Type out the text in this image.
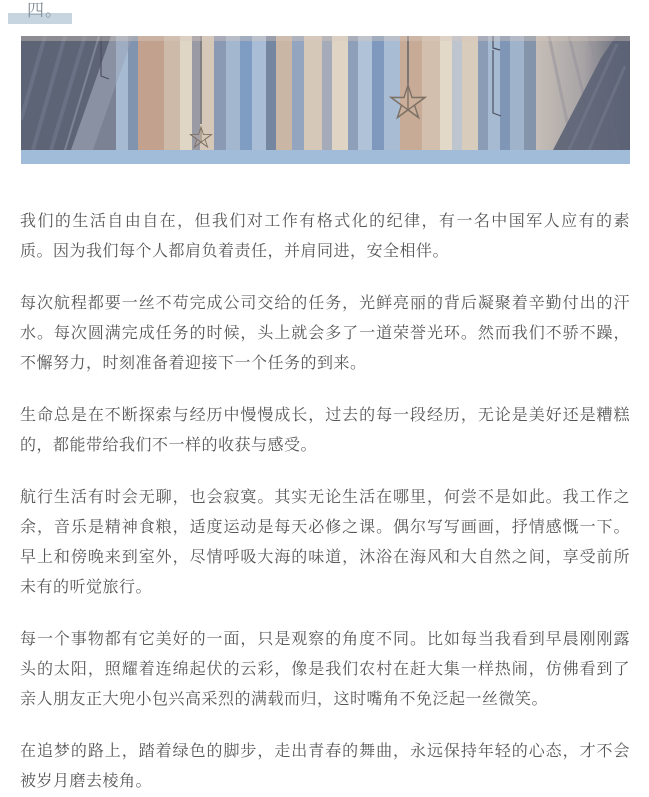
四。

我们的生活自由自在，但我们对工作有格式化的纪律，有一名中国军人应有的素质。因为我们每个人都肩负着责任，并肩同进，安全相伴。

每次航程都要一丝不苟完成公司交给的任务，光鲜亮丽的背后凝聚着辛勤付出的汗水。每次圆满完成任务的时候，头上就会多了一道荣誉光环。然而我们不骄不躁，不懈努力，时刻准备着迎接下一个任务的到来。

生命总是在不断探索与经历中慢慢成长，过去的每一段经历，无论是美好还是糟糕的，都能带给我们不一样的收获与感受。

航行生活有时会无聊，也会寂寞。其实无论生活在哪里，何尝不是如此。我工作之余，音乐是精神食粮，适度运动是每天必修之课。偶尔写写画画，抒情感慨一下。早上和傍晚来到室外，尽情呼吸大海的味道，沐浴在海风和大自然之间，享受前所未有的听觉旅行。

每一个事物都有它美好的一面，只是观察的角度不同。比如每当我看到早晨刚刚露头的太阳，照耀着连绵起伏的云彩，像是我们农村在赶大集一样热闹，仿佛看到了亲人朋友正大兜小包兴高采烈的满载而归，这时嘴角不免泛起一丝微笑。

在追梦的路上，踏着绿色的脚步，走出青春的舞曲，永远保持年轻的心态，才不会被岁月磨去棱角。
